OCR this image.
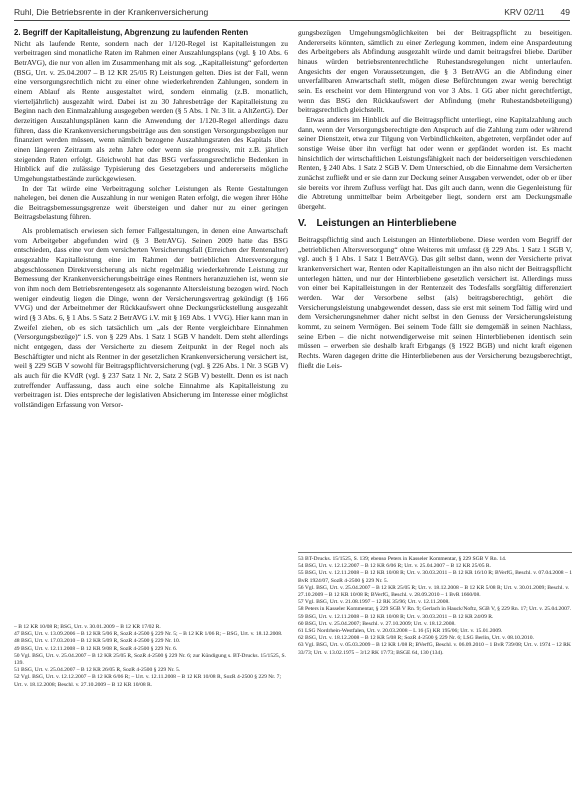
Ruhl, Die Betriebsrente in der Krankenversicherung	KRV 02/11 49
2. Begriff der Kapitalleistung, Abgrenzung zu laufenden Renten

Nicht als laufende Rente, sondern nach der 1/120-Regel ist Kapitalleistungen zu verbeitragen sind monatliche Raten im Rahmen einer Auszahlungsplans (vgl. § 10 Abs. 6 BetrAVG), die nur von allen im Zusammenhang mit als sog. „Kapitalleistung“ geforderten (BSG, Urt. v. 25.04.2007 – B 12 KR 25/05 R) Leistungen gelten. Dies ist der Fall, wenn eine versorgungsrechtlich nicht zu einer ohne wiederkehrenden Zahlungen, sondern in einem Ablauf als Rente ausgestaltet wird, sondern einmalig (z.B. monatlich, vierteljährlich) ausgezahlt wird. Dabei ist zu 30 Jahresbeträge der Kapitalleistung zu Beginn nach den Einmalzahlung ausgegeben werden (§ 5 Abs. 1 Nr. 3 lit. a AltZertG). Der derzeitigen Auszahlungsplänen kann die Anwendung der 1/120-Regel allerdings dazu führen, dass die Krankenversicherungsbeiträge aus den sonstigen Versorgungsbezügen nur finanziert werden müssen, wenn nämlich bezogene Auszahlungsraten des Kapitals über einen längeren Zeitraum als zehn Jahre oder wenn sie progressiv, mit z.B. jährlich steigenden Raten erfolgt. Gleichwohl hat das BSG verfassungsrechtliche Bedenken in Hinblick auf die zulässige Typisierung des Gesetzgebers und andererseits mögliche Umgehungstatbestände zurückgewiesen.

In der Tat würde eine Verbeitragung solcher Leistungen als Rente Gestaltungen nahelegen, bei denen die Auszahlung in nur wenigen Raten erfolgt, die wegen ihrer Höhe die Beitragsbemessungsgrenze weit übersteigen und daher nur zu einer geringen Beitragsbelastung führen.

Als problematisch erwiesen sich ferner Fallgestaltungen, in denen eine Anwartschaft vom Arbeitgeber abgefunden wird (§ 3 BetrAVG). Seinen 2009 hatte das BSG entschieden, dass eine vor dem versicherten Versicherungsfall (Erreichen der Rentenalter) ausgezahlte Kapitalleistung eine im Rahmen der betrieblichen Altersversorgung abgeschlossenen Direktversicherung als nicht regelmäßig wiederkehrende Leistung zur Bemessung der Krankenversicherungsbeiträge eines Rentners heranzuziehen ist, wenn sie von ihm noch dem Betriebsrentengesetz als sogenannte Altersleistung bezogen wird. Noch weniger eindeutig liegen die Dinge, wenn der Versicherungsvertrag gekündigt (§ 166 VVG) und der Arbeitnehmer der Rückkaufswert ohne Deckungsrückstellung ausgezahlt wird (§ 3 Abs. 6, § 1 Abs. 5 Satz 2 BetrAVG i.V. mit § 169 Abs. 1 VVG). Hier kann man in Zweifel ziehen, ob es sich tatsächlich um „als der Rente vergleichbare Einnahmen (Versorgungsbezüge)“ i.S. von § 229 Abs. 1 Satz 1 SGB V handelt. Dem steht allerdings nicht entgegen, dass der Versicherte zu diesem Zeitpunkt in der Regel noch als Beschäftigter und nicht als Rentner in der gesetzlichen Krankenversicherung versichert ist, weil § 229 SGB V sowohl für Beitragspflichtversicherung (vgl. § 226 Abs. 1 Nr. 3 SGB V) als auch für die KVdR (vgl. § 237 Satz 1 Nr. 2, Satz 2 SGB V) bestellt. Denn es ist nach zutreffender Auffassung, dass auch eine solche Einnahme als Kapitalleistung zu verbeitragen ist. Dies entspreche der legislativen Absicherung im Interesse einer möglichst vollständigen Erfassung von Versor-

– B 12 KR 10/08 R; BSG, Urt. v. 30.01.2009 – B 12 KR 17/02 R.
47 BSG, Urt. v. 13.09.2006 – B 12 KR 5/06 R, SozR 4-2500 § 229 Nr. 5; – B 12 KR 1/06 R; – BSG, Urt. v. 18.12.2008.
48 BSG, Urt. v. 17.03.2010 – B 12 KR 5/09 R, SozR 4-2500 § 229 Nr. 10.
49 BSG, Urt. v. 12.11.2008 – B 12 KR 9/08 R, SozR 4-2500 § 229 Nr. 6.
50 Vgl. BSG, Urt. v. 25.04.2007 – B 12 KR 25/05 R, SozR 4-2500 § 229 Nr. 6; zur Kündigung s. BT-Drucks. 15/1525, S. 139.
51 BSG, Urt. v. 25.04.2007 – B 12 KR 26/05 R, SozR 4-2500 § 229 Nr. 5.
52 Vgl. BSG, Urt. v. 12.12.2007 – B 12 KR 6/06 R; – Urt. v. 12.11.2008 – B 12 KR 10/08 R, SozR 4-2500 § 229 Nr. 7; Urt. v. 18.12.2008; Beschl. v. 27.10.2009 – B 12 KR 10/08 R.

gungsbezügen Umgehungsmöglichkeiten bei der Beitragspflicht zu beseitigen. Andererseits könnten, sämtlich zu einer Zerlegung kommen, indem eine Anspardeutung des Arbeitgebers als Abfindung ausgezahlt würde und damit beitragsfrei bliebe. Darüber hinaus würden betriebsrentenrechtliche Ruhestandsregelungen nicht unterlaufen. Angesichts der engen Voraussetzungen, die § 3 BetrAVG an die Abfindung einer unverfallbaren Anwartschaft stellt, mögen diese Befürchtungen zwar wenig berechtigt sein. Es erscheint vor dem Hintergrund von vor 3 Abs. 1 GG aber nicht gerechtfertigt, wenn das BSG den Rückkaufswert der Abfindung (mehr Ruhestandsbeteiligung) beitragsrechtlich gleichstellt.

Etwas anderes im Hinblick auf die Beitragspflicht unterliegt, eine Kapitalzahlung auch dann, wenn der Versorgungsberechtigte den Anspruch auf die Zahlung zum oder während seiner Dienstzeit, etwa zur Tilgung von Verbindlichkeiten, abgetreten, verpfändet oder auf sonstige Weise über ihn verfügt hat oder wenn er gepfändet worden ist. Es macht hinsichtlich der wirtschaftlichen Leistungsfähigkeit nach der beiderseitigen verschiedenen Renten, § 240 Abs. 1 Satz 2 SGB V. Dem Unterschied, ob die Einnahme dem Versicherten zunächst zufließt und er sie dann zur Deckung seiner Ausgaben verwendet, oder ob er über sie bereits vor ihrem Zufluss verfügt hat. Das gilt auch dann, wenn die Gegenleistung für die Abtretung unmittelbar beim Arbeitgeber liegt, sondern erst am Deckungsmaße übergeht.

V. Leistungen an Hinterbliebene

Beitragspflichtig sind auch Leistungen an Hinterbliebene. Diese werden vom Begriff der „betrieblichen Altersversorgung“ ohne Weiteres mit umfasst (§ 229 Abs. 1 Satz 1 SGB V, vgl. auch § 1 Abs. 1 Satz 1 BetrAVG). Das gilt selbst dann, wenn der Versicherte privat krankenversichert war, Renten oder Kapitalleistungen an ihn also nicht der Beitragspflicht unterlegen hätten, und nur der Hinterbliebene gesetzlich versichert ist. Allerdings muss von einer bei Kapitalleistungen in der Rentenzeit des Todesfalls sorgfältig differenziert werden. War der Versorbene selbst (als) beitragsberechtigt, gehört die Versicherungsleistung unabgewendet dessen, dass sie erst mit seinem Tod fällig wird und dem Versicherungsnehmer daher nicht selbst in den Genuss der Versicherungsleistung kommt, zu seinem Vermögen. Bei seinem Tode fällt sie demgemäß in seinen Nachlass, seine Erben – die nicht notwendigerweise mit seinen Hinterbliebenen identisch sein müssen – erwerben sie deshalb kraft Erbgangs (§ 1922 BGB) und nicht kraft eigenen Rechts. Waren dagegen dritte die Hinterbliebenen aus der Versicherung bezugsberechtigt, fließt die Leis-

53 BT-Drucks. 15/1525, S. 139; ebenso Peters in Kasseler Kommentar, § 229 SGB V Rn. 14.
54 BSG, Urt. v. 12.12.2007 – B 12 KR 6/06 R; Urt. v. 25.04.2007 – B 12 KR 25/05 R.
55 BSG, Urt. v. 12.11.2008 – B 12 KR 10/08 R; Urt. v. 30.03.2011 – B 12 KR 16/10 R; BVerfG, Beschl. v. 07.04.2008 – 1 BvR 1924/07, SozR 4-2500 § 229 Nr. 5.
56 Vgl. BSG, Urt. v. 25.04.2007 – B 12 KR 25/05 R; Urt. v. 18.12.2008 – B 12 KR 5/08 R; Urt. v. 30.01.2009; Beschl. v. 27.10.2009 – B 12 KR 10/08 R; BVerfG, Beschl. v. 28.09.2010 – 1 BvR 1660/08.
57 Vgl. BSG, Urt. v. 21.08.1997 – 12 RK 35/96; Urt. v. 12.11.2008.
58 Peters in Kasseler Kommentar, § 229 SGB V Rn. 9; Gerlach in Hauck/Noftz, SGB V, § 229 Rn. 17; Urt. v. 25.04.2007.
59 BSG, Urt. v. 12.11.2008 – B 12 KR 10/08 R; Urt. v. 30.03.2011 – B 12 KR 24/09 R.
60 BSG, Urt. v. 25.04.2007; Beschl. v. 27.10.2009; Urt. v. 18.12.2008.
61 LSG Nordrhein-Westfalen, Urt. v. 20.03.2008 – L 16 (5) KR 195/06; Urt. v. 15.01.2009.
62 BSG, Urt. v. 18.12.2008 – B 12 KR 5/08 R; SozR 4-2500 § 229 Nr. 6; LSG Berlin, Urt. v. 08.10.2010.
63 Vgl. BSG, Urt. v. 05.03.2009 – B 12 KR 1/08 R; BVerfG, Beschl. v. 06.09.2010 – 1 BvR 739/08; Urt. v. 1974 – 12 RK 33/73; Urt. v. 13.02.1975 – 3/12 RK 17/73; BSGE 64, 130 (134).
